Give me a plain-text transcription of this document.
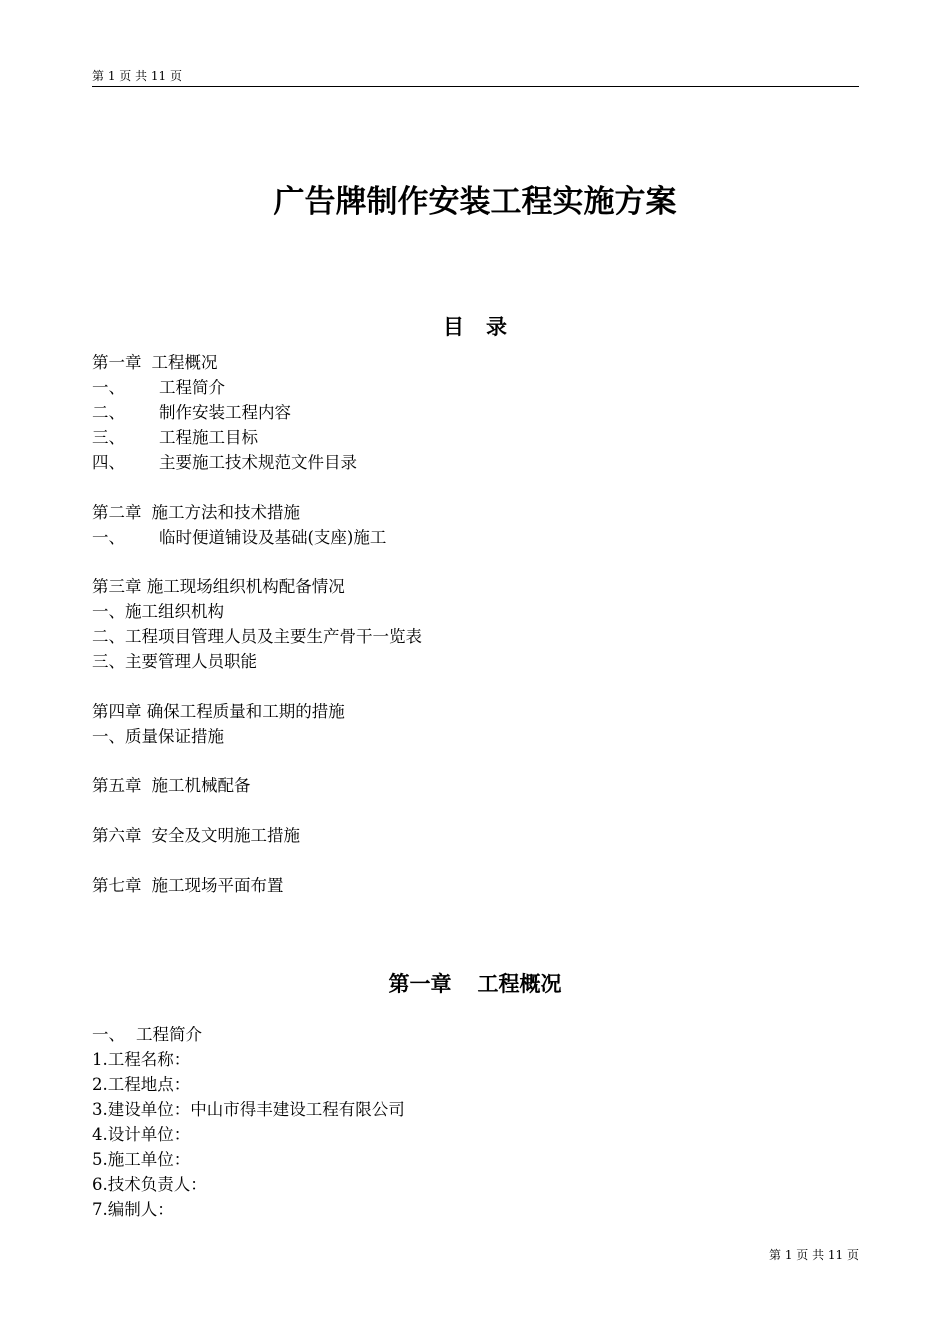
第 1 页 共 11 页
广告牌制作安装工程实施方案
目 录
第一章 工程概况
一、 工程简介
二、 制作安装工程内容
三、 工程施工目标
四、 主要施工技术规范文件目录
第二章 施工方法和技术措施
一、 临时便道铺设及基础(支座)施工
第三章 施工现场组织机构配备情况
一、施工组织机构
二、工程项目管理人员及主要生产骨干一览表
三、主要管理人员职能
第四章 确保工程质量和工期的措施
一、质量保证措施
第五章 施工机械配备
第六章 安全及文明施工措施
第七章 施工现场平面布置
第一章 工程概况
一、 工程简介
1.工程名称：
2.工程地点：
3.建设单位：中山市得丰建设工程有限公司
4.设计单位：
5.施工单位：
6.技术负责人：
7.编制人：
第 1 页 共 11 页
